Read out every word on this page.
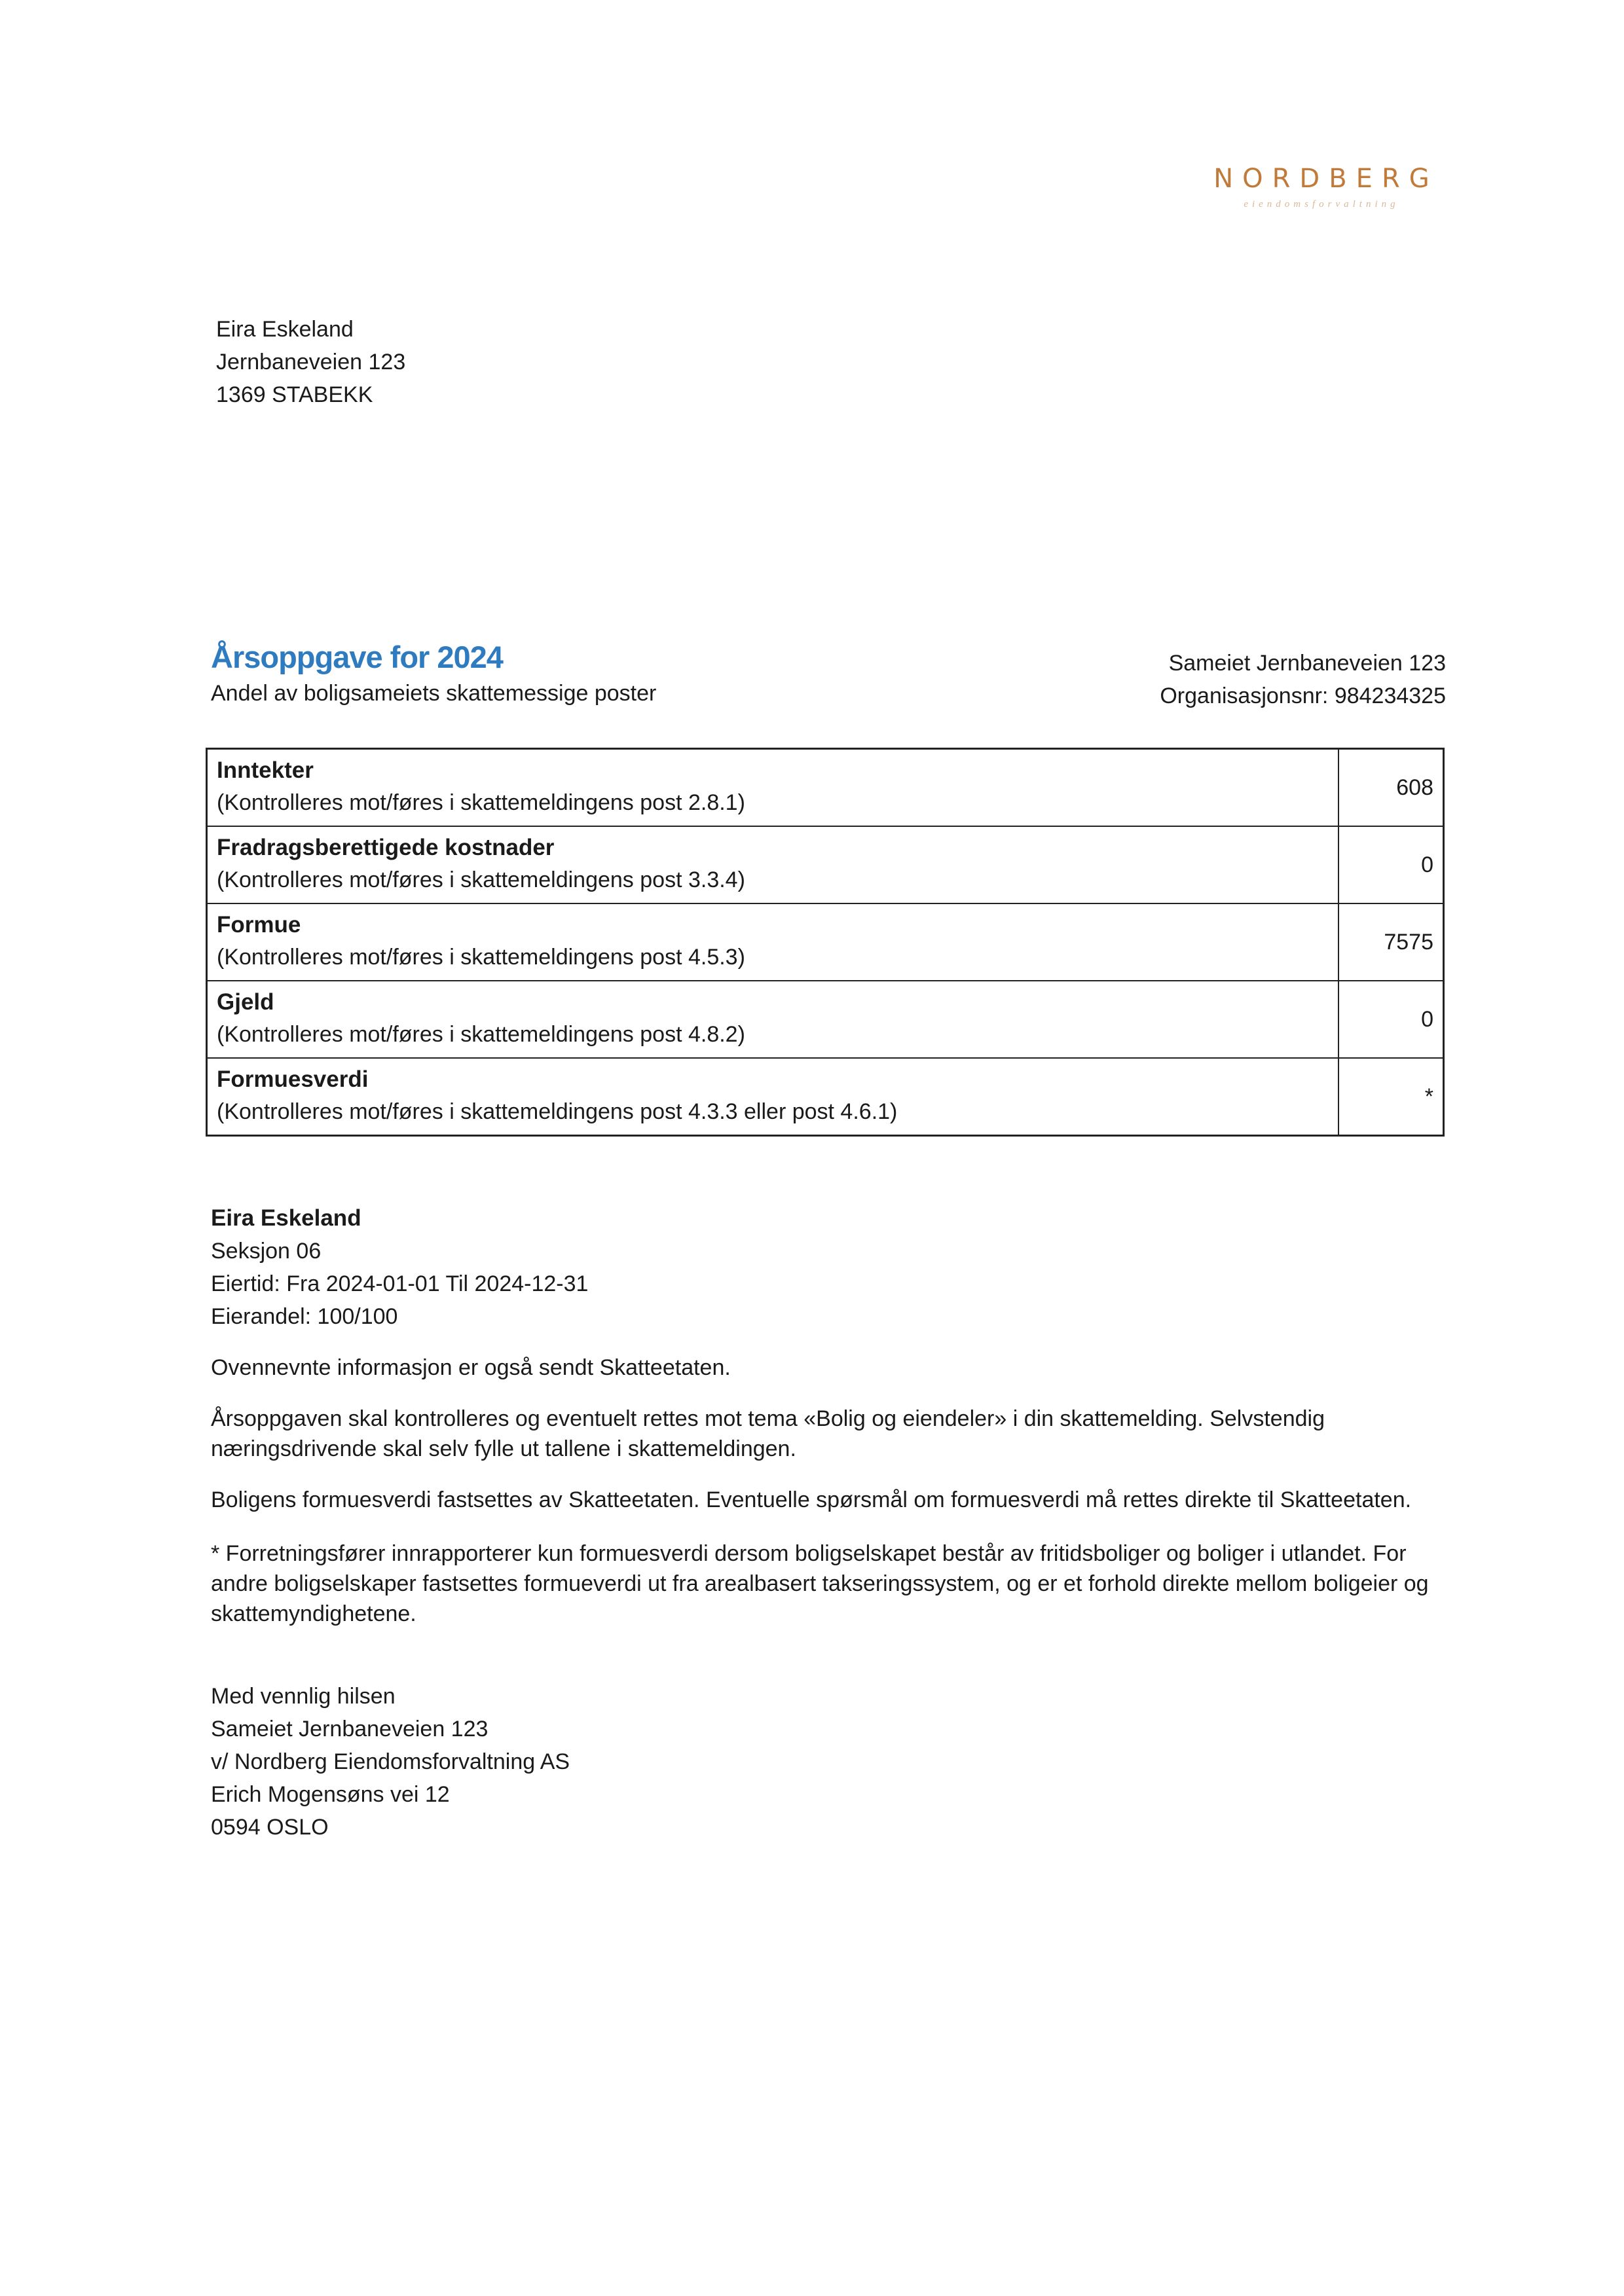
NORDBERG
eiendomsforvaltning
Eira Eskeland
Jernbaneveien 123
1369 STABEKK
Årsoppgave for 2024
Andel av boligsameiets skattemessige poster
Sameiet Jernbaneveien 123
Organisasjonsnr: 984234325
Inntekter
(Kontrolleres mot/føres i skattemeldingens post 2.8.1)	608

Fradragsberettigede kostnader
(Kontrolleres mot/føres i skattemeldingens post 3.3.4)	0

Formue
(Kontrolleres mot/føres i skattemeldingens post 4.5.3)	7575

Gjeld
(Kontrolleres mot/føres i skattemeldingens post 4.8.2)	0

Formuesverdi
(Kontrolleres mot/føres i skattemeldingens post 4.3.3 eller post 4.6.1)	*
Eira Eskeland
Seksjon 06
Eiertid: Fra 2024-01-01 Til 2024-12-31
Eierandel: 100/100
Ovennevnte informasjon er også sendt Skatteetaten.
Årsoppgaven skal kontrolleres og eventuelt rettes mot tema «Bolig og eiendeler» i din skattemelding. Selvstendig næringsdrivende skal selv fylle ut tallene i skattemeldingen.
Boligens formuesverdi fastsettes av Skatteetaten. Eventuelle spørsmål om formuesverdi må rettes direkte til Skatteetaten.
* Forretningsfører innrapporterer kun formuesverdi dersom boligselskapet består av fritidsboliger og boliger i utlandet. For andre boligselskaper fastsettes formueverdi ut fra arealbasert takseringssystem, og er et forhold direkte mellom boligeier og skattemyndighetene.
Med vennlig hilsen
Sameiet Jernbaneveien 123
v/ Nordberg Eiendomsforvaltning AS
Erich Mogensøns vei 12
0594 OSLO
